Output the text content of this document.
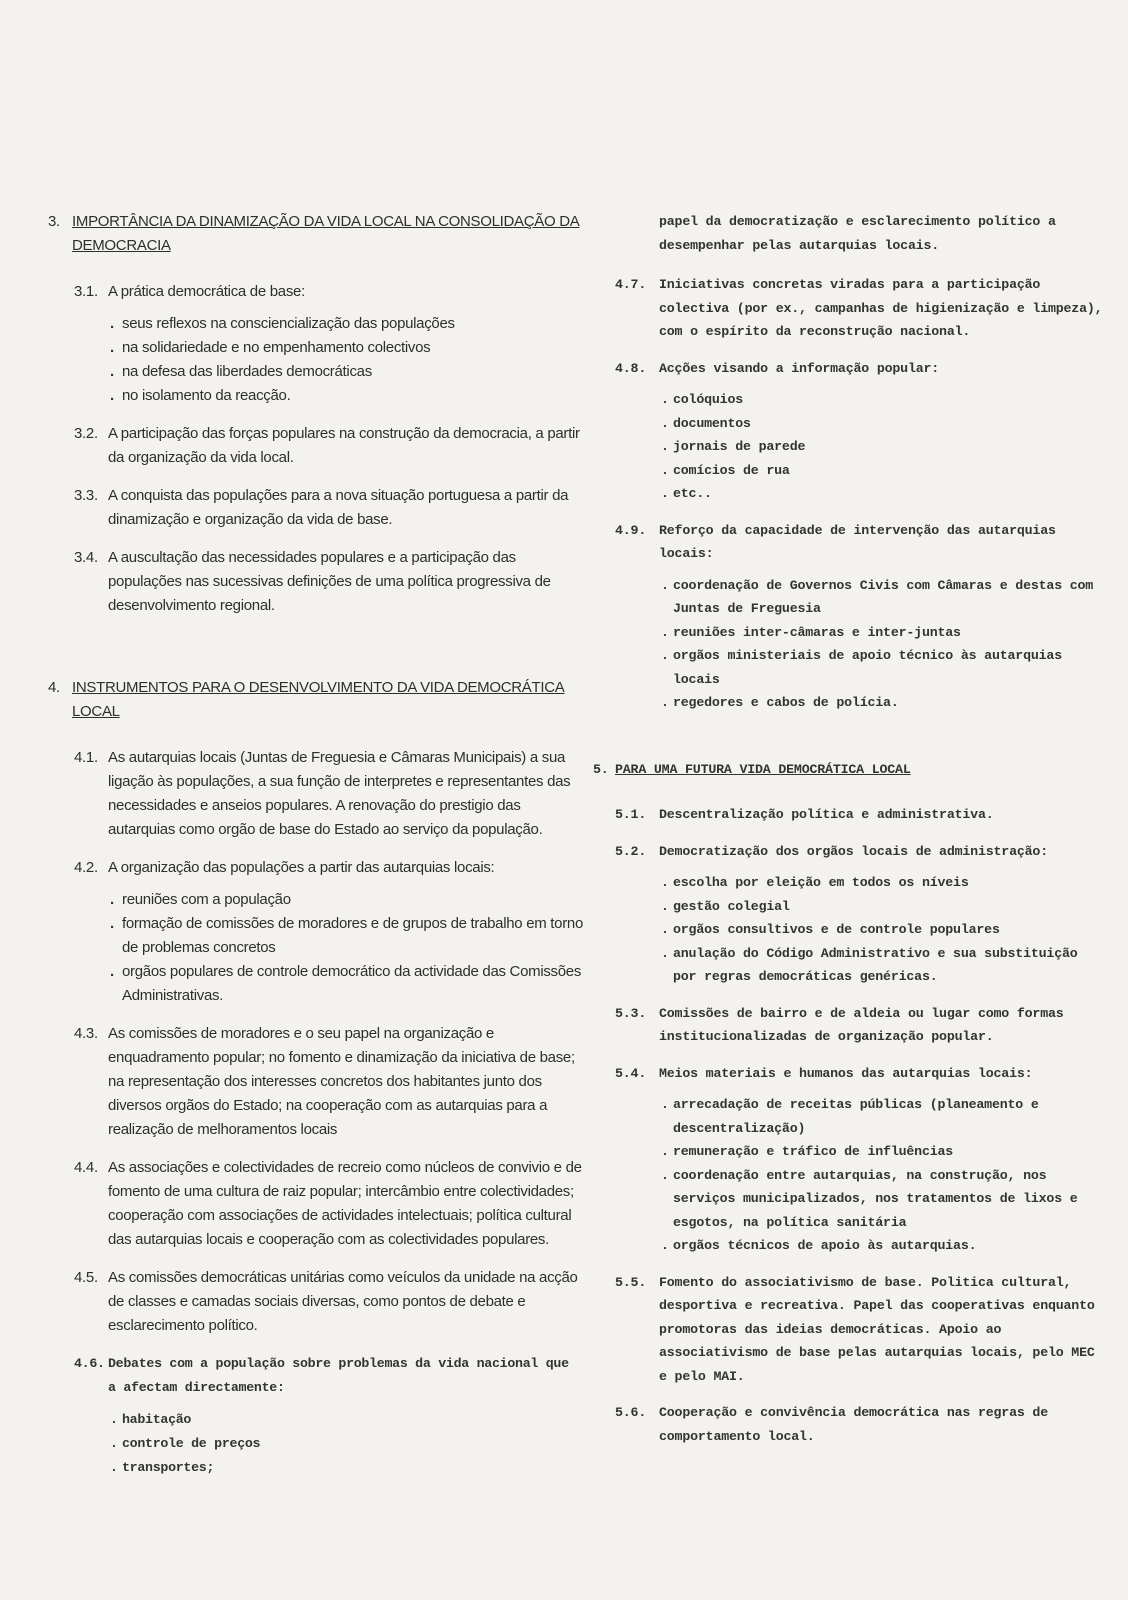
3. IMPORTÂNCIA DA DINAMIZAÇÃO DA VIDA LOCAL NA CONSOLIDAÇÃO DA DEMOCRACIA
3.1. A prática democrática de base:
. seus reflexos na consciencialização das populações
. na solidariedade e no empenhamento colectivos
. na defesa das liberdades democráticas
. no isolamento da reacção.
3.2. A participação das forças populares na construção da democracia, a partir da organização da vida local.
3.3. A conquista das populações para a nova situação portuguesa a partir da dinamização e organização da vida de base.
3.4. A auscultação das necessidades populares e a participação das populações nas sucessivas definições de uma política progressiva de desenvolvimento regional.
4. INSTRUMENTOS PARA O DESENVOLVIMENTO DA VIDA DEMOCRÁTICA LOCAL
4.1. As autarquias locais (Juntas de Freguesia e Câmaras Municipais) a sua ligação às populações, a sua função de interpretes e representantes das necessidades e anseios populares. A renovação do prestigio das autarquias como orgão de base do Estado ao serviço da população.
4.2. A organização das populações a partir das autarquias locais:
. reuniões com a população
. formação de comissões de moradores e de grupos de trabalho em torno de problemas concretos
. orgãos populares de controle democrático da actividade das Comissões Administrativas.
4.3. As comissões de moradores e o seu papel na organização e enquadramento popular; no fomento e dinamização da iniciativa de base; na representação dos interesses concretos dos habitantes junto dos diversos orgãos do Estado; na cooperação com as autarquias para a realização de melhoramentos locais
4.4. As associações e colectividades de recreio como núcleos de convivio e de fomento de uma cultura de raiz popular; intercâmbio entre colectividades; cooperação com associações de actividades intelectuais; política cultural das autarquias locais e cooperação com as colectividades populares.
4.5. As comissões democráticas unitárias como veículos da unidade na acção de classes e camadas sociais diversas, como pontos de debate e esclarecimento político.
4.6. Debates com a população sobre problemas da vida nacional que a afectam directamente:
. habitação
. controle de preços
. transportes;
papel da democratização e esclarecimento político a desempenhar pelas autarquias locais.
4.7. Iniciativas concretas viradas para a participação colectiva (por ex., campanhas de higienização e limpeza), com o espírito da reconstrução nacional.
4.8. Acções visando a informação popular:
. colóquios
. documentos
. jornais de parede
. comícios de rua
. etc..
4.9. Reforço da capacidade de intervenção das autarquias locais:
. coordenação de Governos Civis com Câmaras e destas com Juntas de Freguesia
. reuniões inter-câmaras e inter-juntas
. orgãos ministeriais de apoio técnico às autarquias locais
. regedores e cabos de polícia.
5. PARA UMA FUTURA VIDA DEMOCRÁTICA LOCAL
5.1. Descentralização política e administrativa.
5.2. Democratização dos orgãos locais de administração:
. escolha por eleição em todos os níveis
. gestão colegial
. orgãos consultivos e de controle populares
. anulação do Código Administrativo e sua substituição por regras democráticas genéricas.
5.3. Comissões de bairro e de aldeia ou lugar como formas institucionalizadas de organização popular.
5.4. Meios materiais e humanos das autarquias locais:
. arrecadação de receitas públicas (planeamento e descentralização)
. remuneração e tráfico de influências
. coordenação entre autarquias, na construção, nos serviços municipalizados, nos tratamentos de lixos e esgotos, na política sanitária
. orgãos técnicos de apoio às autarquias.
5.5. Fomento do associativismo de base. Politica cultural, desportiva e recreativa. Papel das cooperativas enquanto promotoras das ideias democráticas. Apoio ao associativismo de base pelas autarquias locais, pelo MEC e pelo MAI.
5.6. Cooperação e convivência democrática nas regras de comportamento local.
